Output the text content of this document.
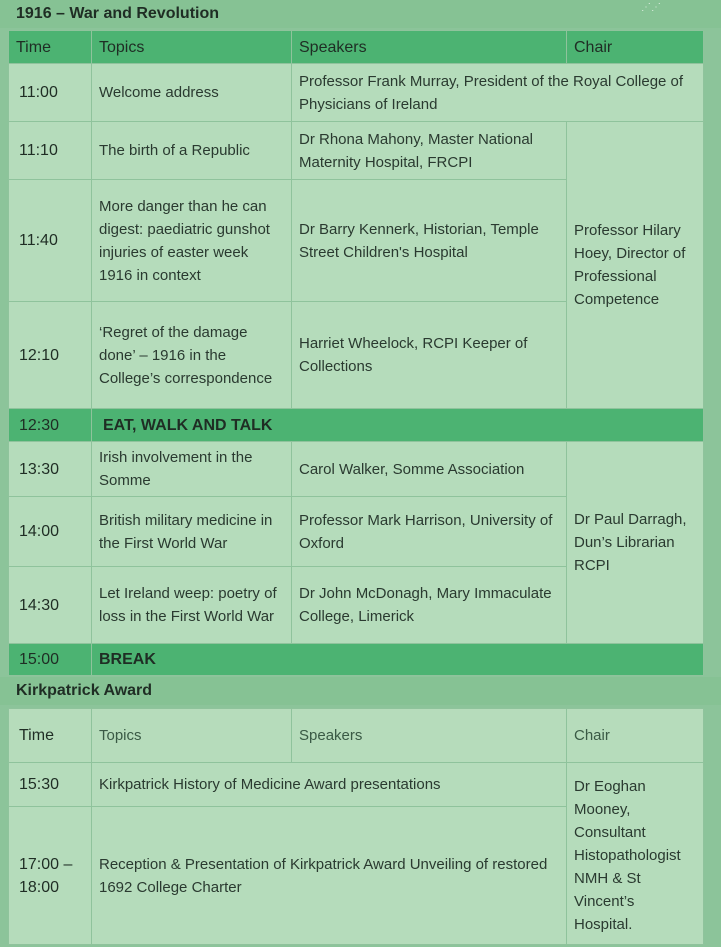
1916 – War and Revolution	⋰⋰
Time	Topics	Speakers	Chair
11:00	Welcome address	Professor Frank Murray, President of the Royal College of Physicians of Ireland	
11:10	The birth of a Republic	Dr Rhona Mahony, Master National Maternity Hospital, FRCPI	Professor Hilary Hoey, Director of Professional Competence
11:40	More danger than he can digest: paediatric gunshot injuries of easter week 1916 in context	Dr Barry Kennerk, Historian, Temple Street Children's Hospital	
12:10	‘Regret of the damage done’ – 1916 in the College’s correspondence	Harriet Wheelock, RCPI Keeper of Collections	
12:30	EAT, WALK AND TALK		
13:30	Irish involvement in the Somme	Carol Walker, Somme Association	Dr Paul Darragh, Dun’s Librarian RCPI
14:00	British military medicine in the First World War	Professor Mark Harrison, University of Oxford	
14:30	Let Ireland weep: poetry of loss in the First World War	Dr John McDonagh, Mary Immaculate College, Limerick	
15:00	BREAK		
Kirkpatrick Award
Time	Topics	Speakers	Chair
15:30	Kirkpatrick History of Medicine Award presentations		Dr Eoghan Mooney, Consultant Histopathologist NMH & St Vincent’s Hospital.
17:00 – 18:00	Reception & Presentation of Kirkpatrick Award Unveiling of restored 1692 College Charter		
